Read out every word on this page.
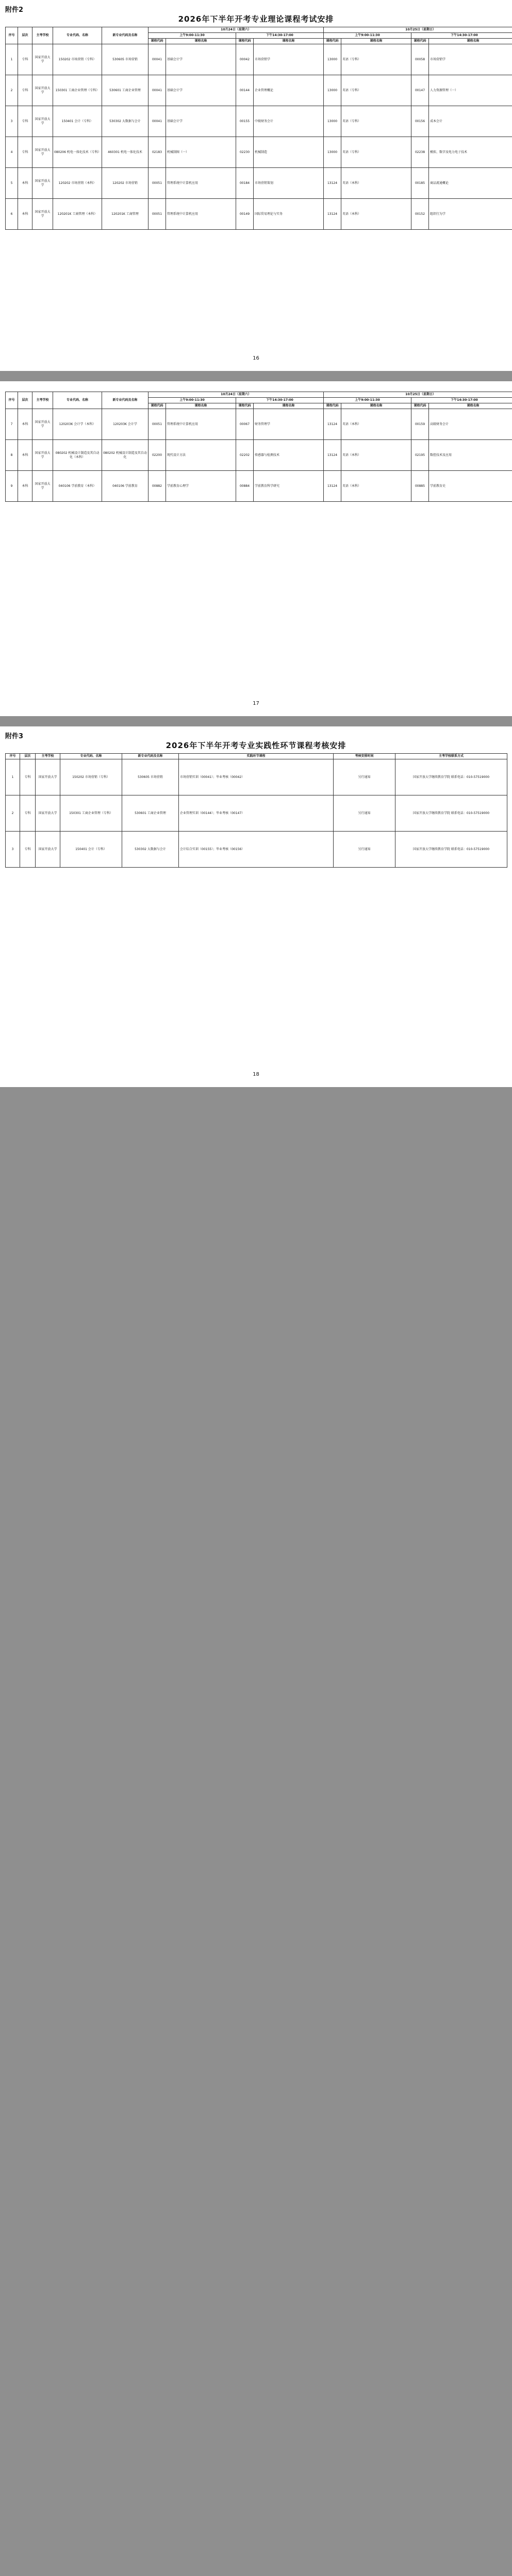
附件2
2026年下半年开考专业理论课程考试安排
序号	层次	主考学校	专业代码、名称	新专业代码及名称	10月24日（星期六）				10月25日（星期日）			
					上午9:00-11:30		下午14:30-17:00		上午9:00-11:30		下午14:30-17:00	
					课程代码	课程名称	课程代码	课程名称	课程代码	课程名称	课程代码	课程名称
1	专科	国家开放大学	150202 市场营销（专科）	530605 市场营销	00041	基础会计学	00042	市场营销学	13000	英语（专科）	00058	市场营销学
2	专科	国家开放大学	150301 工商企业管理（专科）	530601 工商企业管理	00041	基础会计学	00144	企业管理概论	13000	英语（专科）	00147	人力资源管理（一）
3	专科	国家开放大学	150401 会计（专科）	530302 大数据与会计	00041	基础会计学	00155	中级财务会计	13000	英语（专科）	00156	成本会计
4	专科	国家开放大学	080206 机电一体化技术（专科）	460301 机电一体化技术	02183	机械制图（一）	02230	机械制造	13000	英语（专科）	02238	模拟、数字及电力电子技术
5	本科	国家开放大学	120202 市场营销（本科）	120202 市场营销	00051	管理系统中计算机应用	00184	市场营销策划	13124	英语（本科）	00185	商品流通概论
6	本科	国家开放大学	120201K 工商管理（本科）	120201K 工商管理	00051	管理系统中计算机应用	00149	国际贸易理论与实务	13124	英语（本科）	00152	组织行为学
16
序号	层次	主考学校	专业代码、名称	新专业代码及名称	10月24日（星期六）				10月25日（星期日）			
					上午9:00-11:30		下午14:30-17:00		上午9:00-11:30		下午14:30-17:00	
					课程代码	课程名称	课程代码	课程名称	课程代码	课程名称	课程代码	课程名称
7	本科	国家开放大学	120203K 会计学（本科）	120203K 会计学	00051	管理系统中计算机应用	00067	财务管理学	13124	英语（本科）	00159	高级财务会计
8	本科	国家开放大学	080202 机械设计制造及其自动化（本科）	080202 机械设计制造及其自动化	02200	现代设计方法	02202	传感器与检测技术	13124	英语（本科）	02195	数控技术及应用
9	本科	国家开放大学	040106 学前教育（本科）	040106 学前教育	00882	学前教育心理学	00884	学前教育科学研究	13124	英语（本科）	00885	学前教育史
17
附件3
2026年下半年开考专业实践性环节课程考核安排
序号	层次	主考学校	专业代码、名称	新专业代码及名称	实践环节课程	考核安排时间	主考学校联系方式
1	专科	国家开放大学	150202 市场营销（专科）	530605 市场营销	市场营销实训（00041）；毕业考核（00042）	另行通知	国家开放大学继续教育学院 联系电话：010-57519000
2	专科	国家开放大学	150301 工商企业管理（专科）	530601 工商企业管理	企业管理实训（00144）；毕业考核（00147）	另行通知	国家开放大学继续教育学院 联系电话：010-57519000
3	专科	国家开放大学	150401 会计（专科）	530302 大数据与会计	会计综合实训（00155）；毕业考核（00156）	另行通知	国家开放大学继续教育学院 联系电话：010-57519000
18
